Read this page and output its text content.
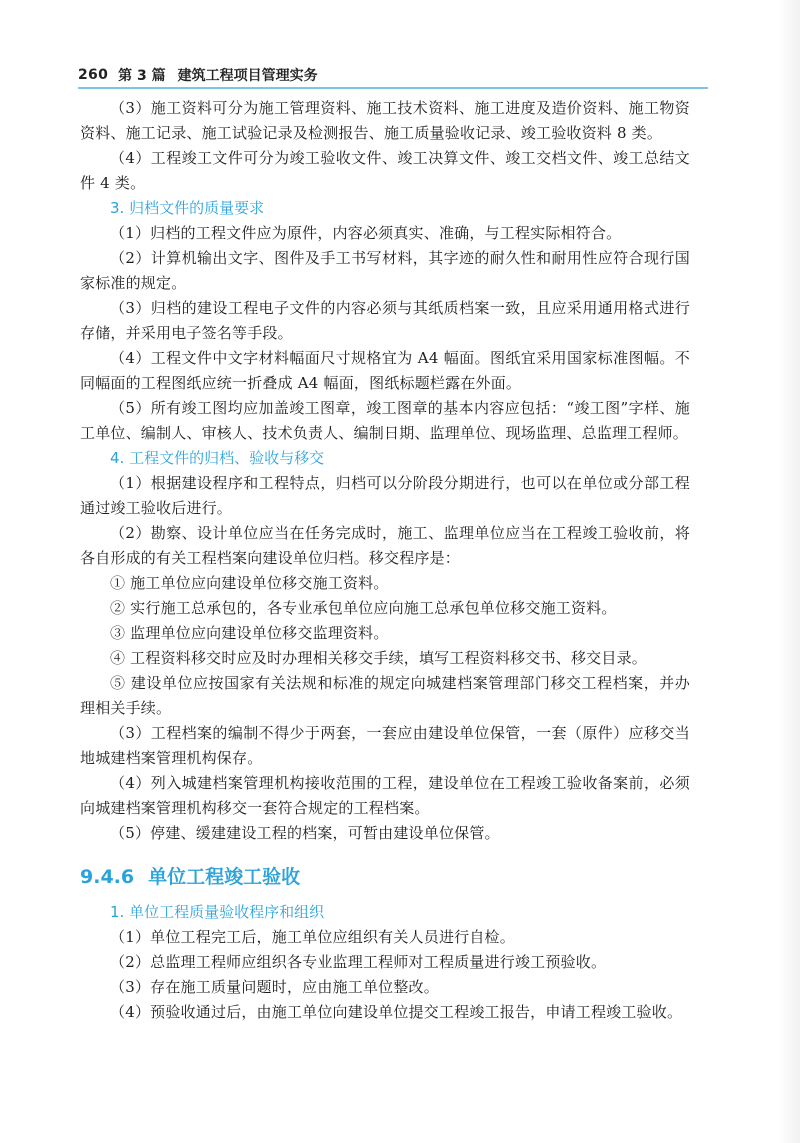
260 第 3 篇 建筑工程项目管理实务

（3）施工资料可分为施工管理资料、施工技术资料、施工进度及造价资料、施工物资资料、施工记录、施工试验记录及检测报告、施工质量验收记录、竣工验收资料 8 类。

（4）工程竣工文件可分为竣工验收文件、竣工决算文件、竣工交档文件、竣工总结文件 4 类。

3. 归档文件的质量要求

（1）归档的工程文件应为原件，内容必须真实、准确，与工程实际相符合。

（2）计算机输出文字、图件及手工书写材料，其字迹的耐久性和耐用性应符合现行国家标准的规定。

（3）归档的建设工程电子文件的内容必须与其纸质档案一致，且应采用通用格式进行存储，并采用电子签名等手段。

（4）工程文件中文字材料幅面尺寸规格宜为 A4 幅面。图纸宜采用国家标准图幅。不同幅面的工程图纸应统一折叠成 A4 幅面，图纸标题栏露在外面。

（5）所有竣工图均应加盖竣工图章，竣工图章的基本内容应包括：“竣工图”字样、施工单位、编制人、审核人、技术负责人、编制日期、监理单位、现场监理、总监理工程师。

4. 工程文件的归档、验收与移交

（1）根据建设程序和工程特点，归档可以分阶段分期进行，也可以在单位或分部工程通过竣工验收后进行。

（2）勘察、设计单位应当在任务完成时，施工、监理单位应当在工程竣工验收前，将各自形成的有关工程档案向建设单位归档。移交程序是：

① 施工单位应向建设单位移交施工资料。

② 实行施工总承包的，各专业承包单位应向施工总承包单位移交施工资料。

③ 监理单位应向建设单位移交监理资料。

④ 工程资料移交时应及时办理相关移交手续，填写工程资料移交书、移交目录。

⑤ 建设单位应按国家有关法规和标准的规定向城建档案管理部门移交工程档案，并办理相关手续。

（3）工程档案的编制不得少于两套，一套应由建设单位保管，一套（原件）应移交当地城建档案管理机构保存。

（4）列入城建档案管理机构接收范围的工程，建设单位在工程竣工验收备案前，必须向城建档案管理机构移交一套符合规定的工程档案。

（5）停建、缓建建设工程的档案，可暂由建设单位保管。

9.4.6 单位工程竣工验收

1. 单位工程质量验收程序和组织

（1）单位工程完工后，施工单位应组织有关人员进行自检。

（2）总监理工程师应组织各专业监理工程师对工程质量进行竣工预验收。

（3）存在施工质量问题时，应由施工单位整改。

（4）预验收通过后，由施工单位向建设单位提交工程竣工报告，申请工程竣工验收。
